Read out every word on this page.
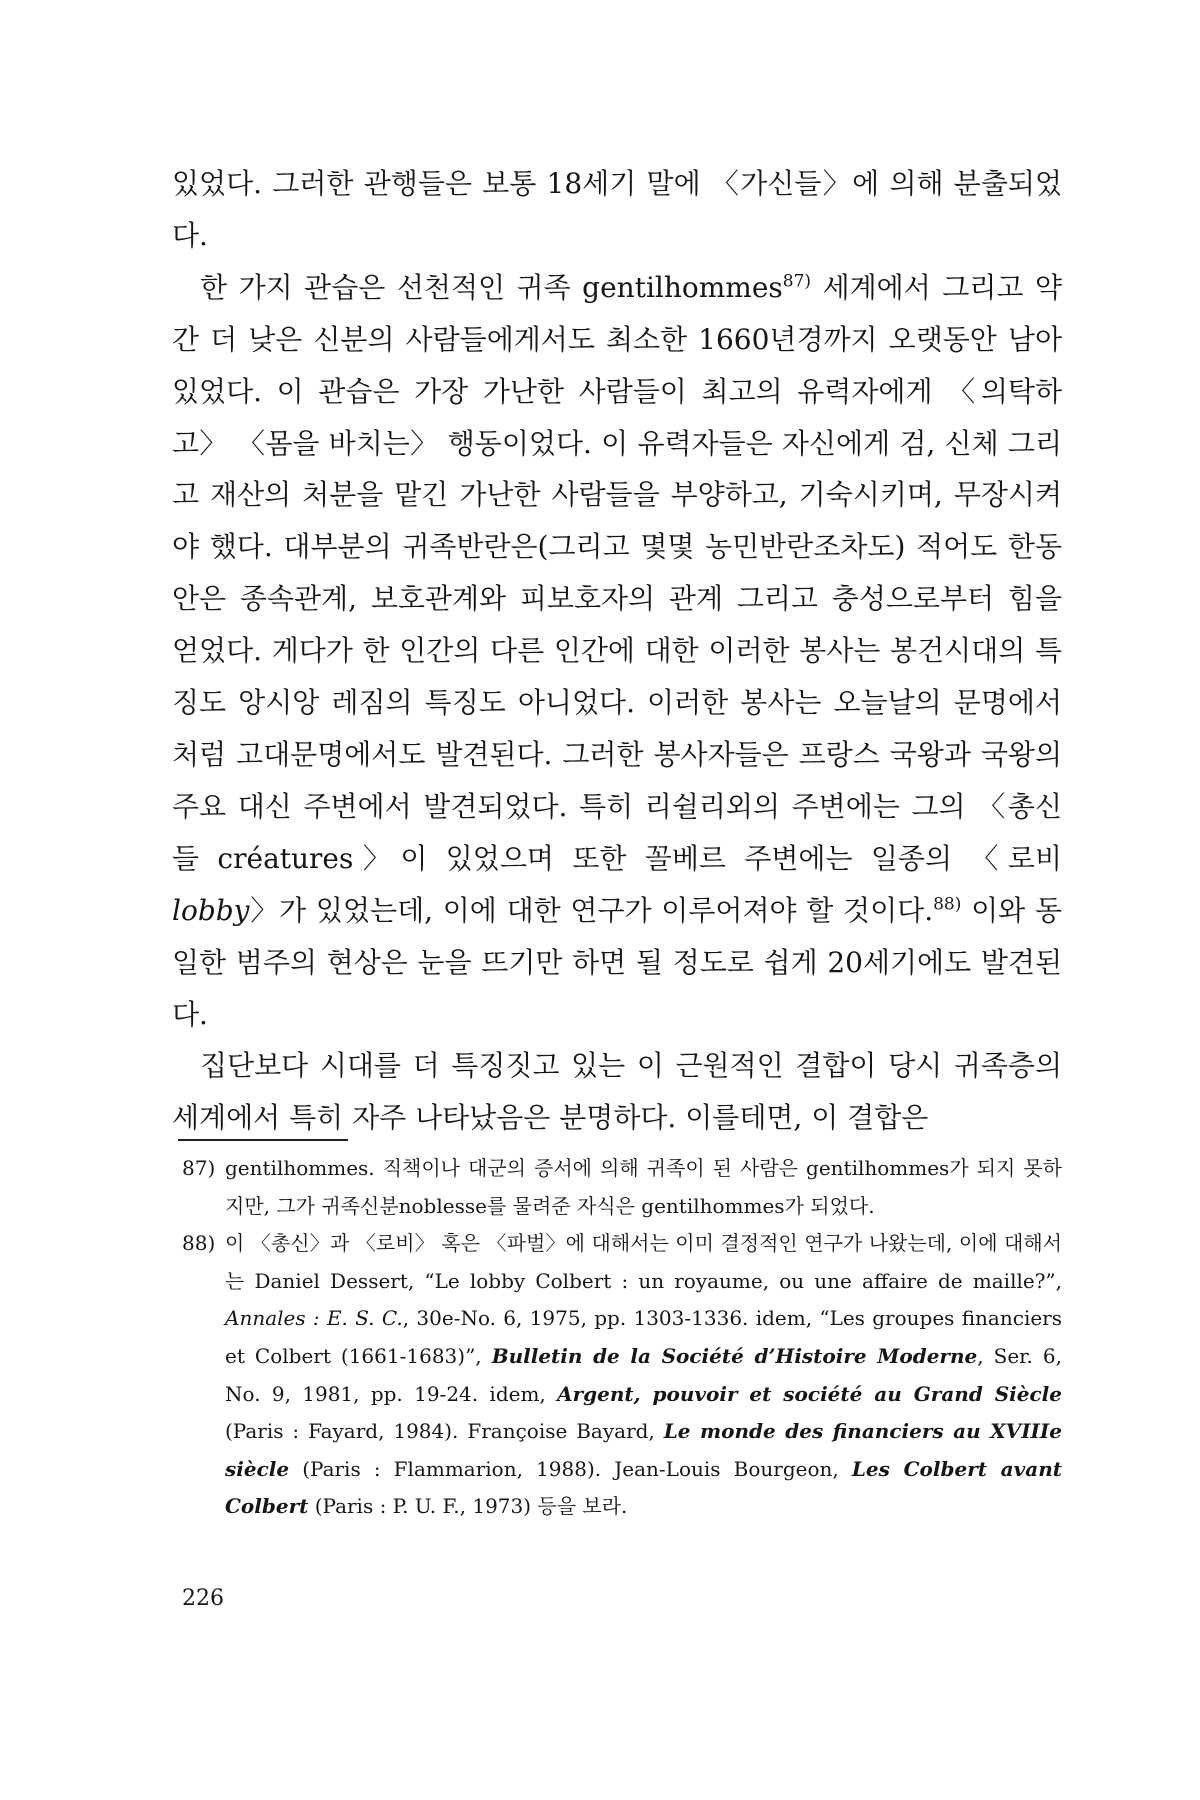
있었다. 그러한 관행들은 보통 18세기 말에 〈가신들〉에 의해 분출되었다.

한 가지 관습은 선천적인 귀족 gentilhommes$^{87)}$ 세계에서 그리고 약간 더 낮은 신분의 사람들에게서도 최소한 1660년경까지 오랫동안 남아 있었다. 이 관습은 가장 가난한 사람들이 최고의 유력자에게 〈의탁하고〉 〈몸을 바치는〉 행동이었다. 이 유력자들은 자신에게 검, 신체 그리고 재산의 처분을 맡긴 가난한 사람들을 부양하고, 기숙시키며, 무장시켜야 했다. 대부분의 귀족반란은(그리고 몇몇 농민반란조차도) 적어도 한동안은 종속관계, 보호관계와 피보호자의 관계 그리고 충성으로부터 힘을 얻었다. 게다가 한 인간의 다른 인간에 대한 이러한 봉사는 봉건시대의 특징도 앙시앙 레짐의 특징도 아니었다. 이러한 봉사는 오늘날의 문명에서처럼 고대문명에서도 발견된다. 그러한 봉사자들은 프랑스 국왕과 국왕의 주요 대신 주변에서 발견되었다. 특히 리쉴리외의 주변에는 그의 〈총신들 créatures〉이 있었으며 또한 꼴베르 주변에는 일종의 〈로비 lobby〉가 있었는데, 이에 대한 연구가 이루어져야 할 것이다.$^{88)}$ 이와 동일한 범주의 현상은 눈을 뜨기만 하면 될 정도로 쉽게 20세기에도 발견된다.

집단보다 시대를 더 특징짓고 있는 이 근원적인 결합이 당시 귀족층의 세계에서 특히 자주 나타났음은 분명하다. 이를테면, 이 결합은

87) gentilhommes. 직책이나 대군의 증서에 의해 귀족이 된 사람은 gentilhommes가 되지 못하지만, 그가 귀족신분noblesse를 물려준 자식은 gentilhommes가 되었다.

88) 이 〈총신〉과 〈로비〉 혹은 〈파벌〉에 대해서는 이미 결정적인 연구가 나왔는데, 이에 대해서는 Daniel Dessert, “Le lobby Colbert : un royaume, ou une affaire de maille?”, Annales : E. S. C., 30e-No. 6, 1975, pp. 1303-1336. idem, “Les groupes financiers et Colbert (1661-1683)”, Bulletin de la Société d’Histoire Moderne, Ser. 6, No. 9, 1981, pp. 19-24. idem, Argent, pouvoir et société au Grand Siècle (Paris : Fayard, 1984). Françoise Bayard, Le monde des financiers au XVIIIe siècle (Paris : Flammarion, 1988). Jean-Louis Bourgeon, Les Colbert avant Colbert (Paris : P. U. F., 1973) 등을 보라.

226
